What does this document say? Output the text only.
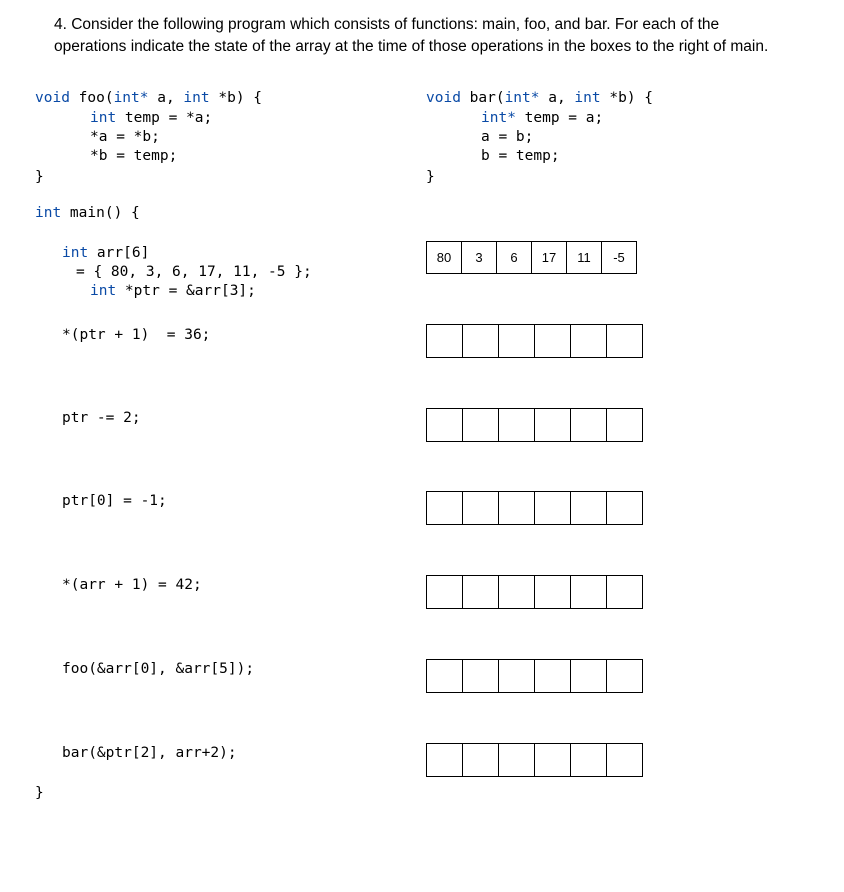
4. Consider the following program which consists of functions: main, foo, and bar. For each of the
operations indicate the state of the array at the time of those operations in the boxes to the right of main.
void foo(int* a, int *b) {
int temp = *a;
*a = *b;
*b = temp;
}
void bar(int* a, int *b) {
int* temp = a;
a = b;
b = temp;
}
int main() {
int arr[6]
= { 80, 3, 6, 17, 11, -5 };
int *ptr = &arr[3];
*(ptr + 1)  = 36;
ptr -= 2;
ptr[0] = -1;
*(arr + 1) = 42;
foo(&arr[0], &arr[5]);
bar(&ptr[2], arr+2);
}
80	3	6	17	11	-5
